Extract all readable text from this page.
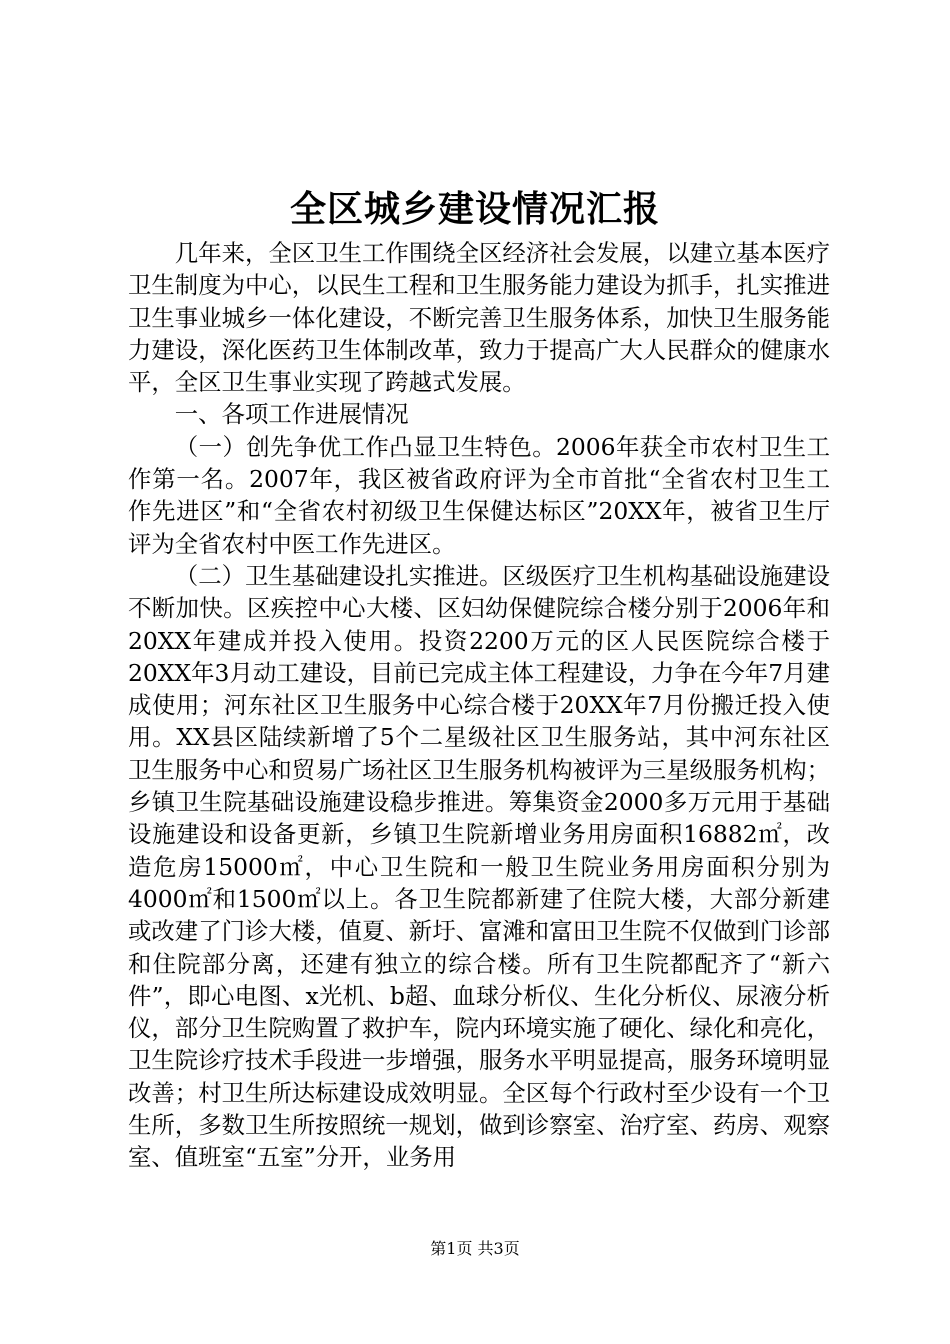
全区城乡建设情况汇报

几年来，全区卫生工作围绕全区经济社会发展，以建立基本医疗卫生制度为中心，以民生工程和卫生服务能力建设为抓手，扎实推进卫生事业城乡一体化建设，不断完善卫生服务体系，加快卫生服务能力建设，深化医药卫生体制改革，致力于提高广大人民群众的健康水平，全区卫生事业实现了跨越式发展。

一、各项工作进展情况

（一）创先争优工作凸显卫生特色。2006年获全市农村卫生工作第一名。2007年，我区被省政府评为全市首批“全省农村卫生工作先进区”和“全省农村初级卫生保健达标区”20XX年，被省卫生厅评为全省农村中医工作先进区。

（二）卫生基础建设扎实推进。区级医疗卫生机构基础设施建设不断加快。区疾控中心大楼、区妇幼保健院综合楼分别于2006年和20XX年建成并投入使用。投资2200万元的区人民医院综合楼于20XX年3月动工建设，目前已完成主体工程建设，力争在今年7月建成使用；河东社区卫生服务中心综合楼于20XX年7月份搬迁投入使用。XX县区陆续新增了5个二星级社区卫生服务站，其中河东社区卫生服务中心和贸易广场社区卫生服务机构被评为三星级服务机构；乡镇卫生院基础设施建设稳步推进。筹集资金2000多万元用于基础设施建设和设备更新，乡镇卫生院新增业务用房面积16882㎡，改造危房15000㎡，中心卫生院和一般卫生院业务用房面积分别为4000㎡和1500㎡以上。各卫生院都新建了住院大楼，大部分新建或改建了门诊大楼，值夏、新圩、富滩和富田卫生院不仅做到门诊部和住院部分离，还建有独立的综合楼。所有卫生院都配齐了“新六件”，即心电图、x光机、b超、血球分析仪、生化分析仪、尿液分析仪，部分卫生院购置了救护车，院内环境实施了硬化、绿化和亮化，卫生院诊疗技术手段进一步增强，服务水平明显提高，服务环境明显改善；村卫生所达标建设成效明显。全区每个行政村至少设有一个卫生所，多数卫生所按照统一规划，做到诊察室、治疗室、药房、观察室、值班室“五室”分开，业务用

第1页 共3页
